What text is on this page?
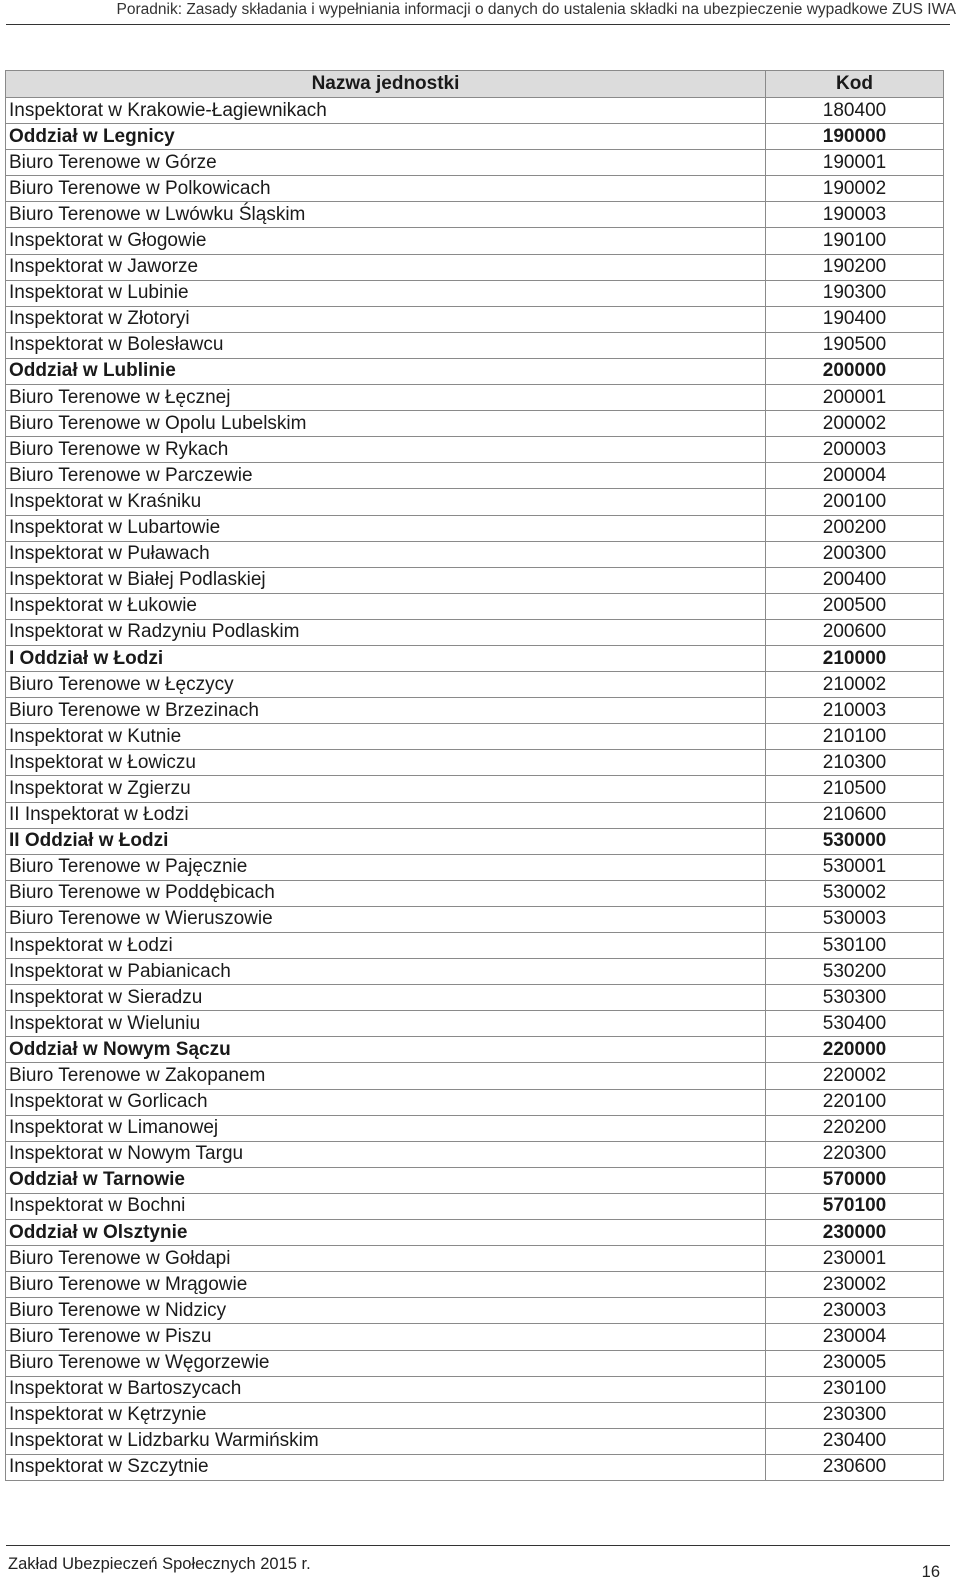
Poradnik: Zasady składania i wypełniania informacji o danych do ustalenia składki na ubezpieczenie wypadkowe ZUS IWA
Nazwa jednostki	Kod
Inspektorat w Krakowie-Łagiewnikach	180400
Oddział w Legnicy	190000
Biuro Terenowe w Górze	190001
Biuro Terenowe w Polkowicach	190002
Biuro Terenowe w Lwówku Śląskim	190003
Inspektorat w Głogowie	190100
Inspektorat w Jaworze	190200
Inspektorat w Lubinie	190300
Inspektorat w Złotoryi	190400
Inspektorat w Bolesławcu	190500
Oddział w Lublinie	200000
Biuro Terenowe w Łęcznej	200001
Biuro Terenowe w Opolu Lubelskim	200002
Biuro Terenowe w Rykach	200003
Biuro Terenowe w Parczewie	200004
Inspektorat w Kraśniku	200100
Inspektorat w Lubartowie	200200
Inspektorat w Puławach	200300
Inspektorat w Białej Podlaskiej	200400
Inspektorat w Łukowie	200500
Inspektorat w Radzyniu Podlaskim	200600
I Oddział w Łodzi	210000
Biuro Terenowe w Łęczycy	210002
Biuro Terenowe w Brzezinach	210003
Inspektorat w Kutnie	210100
Inspektorat w Łowiczu	210300
Inspektorat w Zgierzu	210500
II Inspektorat w Łodzi	210600
II Oddział w Łodzi	530000
Biuro Terenowe w Pajęcznie	530001
Biuro Terenowe w Poddębicach	530002
Biuro Terenowe w Wieruszowie	530003
Inspektorat w Łodzi	530100
Inspektorat w Pabianicach	530200
Inspektorat w Sieradzu	530300
Inspektorat w Wieluniu	530400
Oddział w Nowym Sączu	220000
Biuro Terenowe w Zakopanem	220002
Inspektorat w Gorlicach	220100
Inspektorat w Limanowej	220200
Inspektorat w Nowym Targu	220300
Oddział w Tarnowie	570000
Inspektorat w Bochni	570100
Oddział w Olsztynie	230000
Biuro Terenowe w Gołdapi	230001
Biuro Terenowe w Mrągowie	230002
Biuro Terenowe w Nidzicy	230003
Biuro Terenowe w Piszu	230004
Biuro Terenowe w Węgorzewie	230005
Inspektorat w Bartoszycach	230100
Inspektorat w Kętrzynie	230300
Inspektorat w Lidzbarku Warmińskim	230400
Inspektorat w Szczytnie	230600
Zakład Ubezpieczeń Społecznych 2015 r.	16
